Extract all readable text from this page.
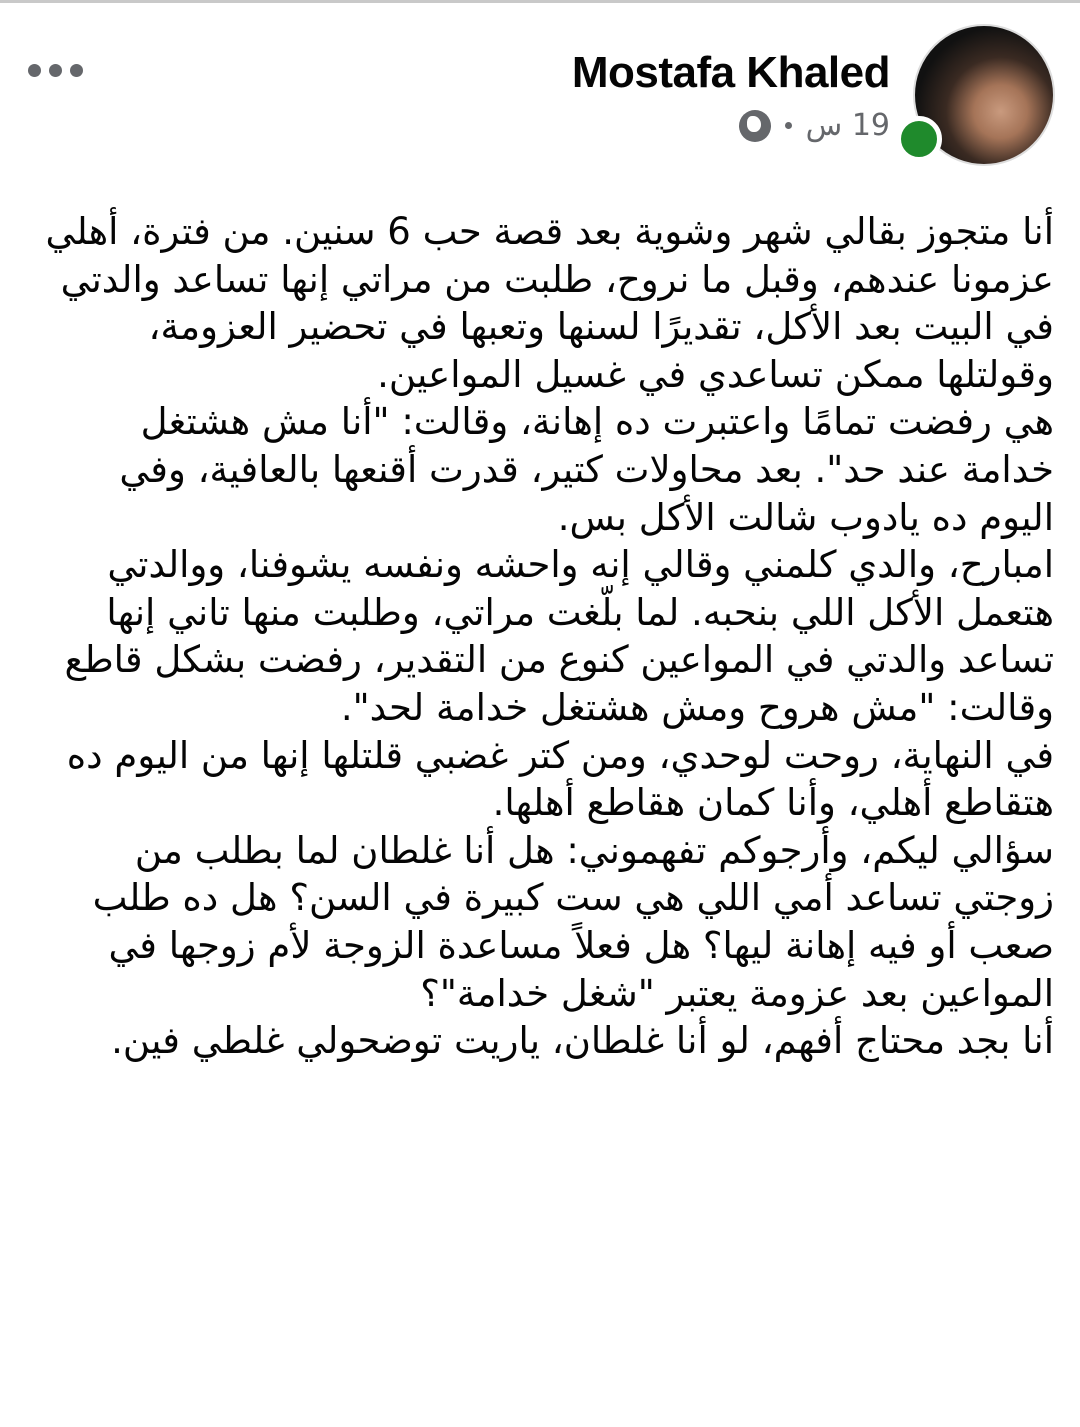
Mostafa Khaled
19 س

أنا متجوز بقالي شهر وشوية بعد قصة حب 6 سنين. من فترة، أهلي عزمونا عندهم، وقبل ما نروح، طلبت من مراتي إنها تساعد والدتي في البيت بعد الأكل، تقديرًا لسنها وتعبها في تحضير العزومة، وقولتلها ممكن تساعدي في غسيل المواعين.

هي رفضت تمامًا واعتبرت ده إهانة، وقالت: "أنا مش هشتغل خدامة عند حد". بعد محاولات كتير، قدرت أقنعها بالعافية، وفي اليوم ده يادوب شالت الأكل بس.

امبارح، والدي كلمني وقالي إنه واحشه ونفسه يشوفنا، ووالدتي هتعمل الأكل اللي بنحبه. لما بلّغت مراتي، وطلبت منها تاني إنها تساعد والدتي في المواعين كنوع من التقدير، رفضت بشكل قاطع وقالت: "مش هروح ومش هشتغل خدامة لحد".

في النهاية، روحت لوحدي، ومن كتر غضبي قلتلها إنها من اليوم ده هتقاطع أهلي، وأنا كمان هقاطع أهلها.

سؤالي ليكم، وأرجوكم تفهموني: هل أنا غلطان لما بطلب من زوجتي تساعد أمي اللي هي ست كبيرة في السن؟ هل ده طلب صعب أو فيه إهانة ليها؟ هل فعلاً مساعدة الزوجة لأم زوجها في المواعين بعد عزومة يعتبر "شغل خدامة"؟

أنا بجد محتاج أفهم، لو أنا غلطان، ياريت توضحولي غلطي فين.
